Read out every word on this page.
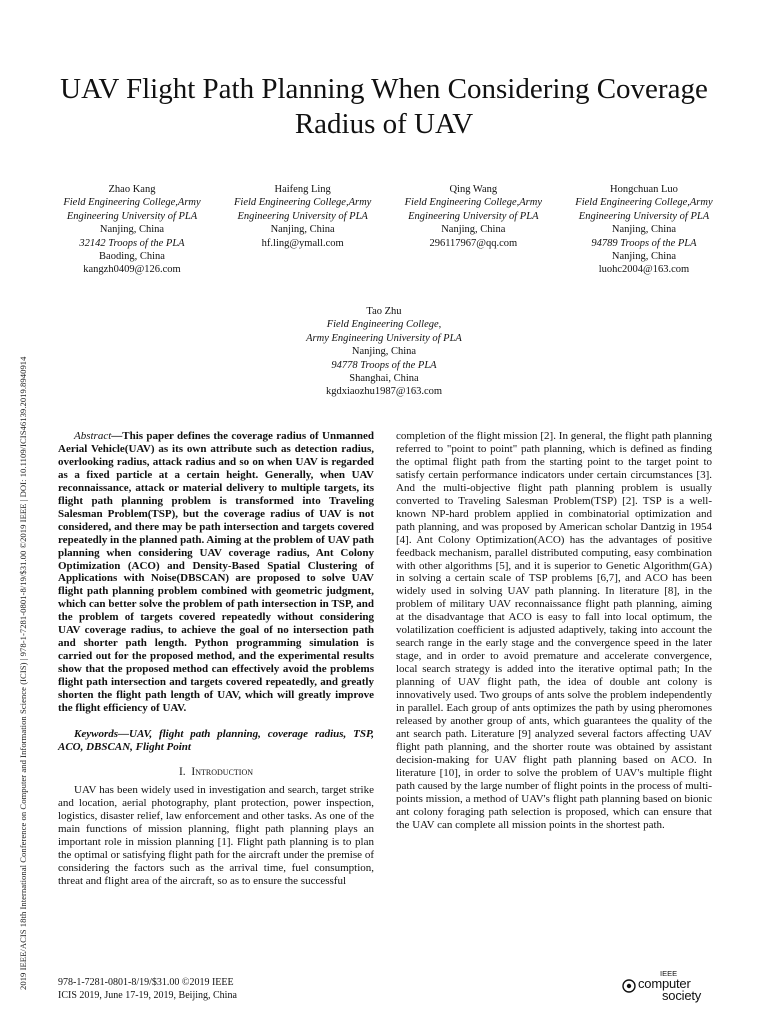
2019 IEEE/ACIS 18th International Conference on Computer and Information Science (ICIS) | 978-1-7281-0801-8/19/$31.00 ©2019 IEEE | DOI: 10.1109/ICIS46139.2019.8940914
UAV Flight Path Planning When Considering Coverage Radius of UAV
Zhao Kang
Field Engineering College,Army
Engineering University of PLA
Nanjing, China
32142 Troops of the PLA
Baoding, China
kangzh0409@126.com
Haifeng Ling
Field Engineering College,Army
Engineering University of PLA
Nanjing, China
hf.ling@ymall.com
Qing Wang
Field Engineering College,Army
Engineering University of PLA
Nanjing, China
296117967@qq.com
Hongchuan Luo
Field Engineering College,Army
Engineering University of PLA
Nanjing, China
94789 Troops of the PLA
Nanjing, China
luohc2004@163.com
Tao Zhu
Field Engineering College,
Army Engineering University of PLA
Nanjing, China
94778 Troops of the PLA
Shanghai, China
kgdxiaozhu1987@163.com

Abstract—This paper defines the coverage radius of Unmanned Aerial Vehicle(UAV) as its own attribute such as detection radius, overlooking radius, attack radius and so on when UAV is regarded as a fixed particle at a certain height. Generally, when UAV reconnaissance, attack or material delivery to multiple targets, its flight path planning problem is transformed into Traveling Salesman Problem(TSP), but the coverage radius of UAV is not considered, and there may be path intersection and targets covered repeatedly in the planned path. Aiming at the problem of UAV path planning when considering UAV coverage radius, Ant Colony Optimization (ACO) and Density-Based Spatial Clustering of Applications with Noise(DBSCAN) are proposed to solve UAV flight path planning problem combined with geometric judgment, which can better solve the problem of path intersection in TSP, and the problem of targets covered repeatedly without considering UAV coverage radius, to achieve the goal of no intersection path and shorter path length. Python programming simulation is carried out for the proposed method, and the experimental results show that the proposed method can effectively avoid the problems flight path intersection and targets covered repeatedly, and greatly shorten the flight path length of UAV, which will greatly improve the flight efficiency of UAV.

Keywords—UAV, flight path planning, coverage radius, TSP, ACO, DBSCAN, Flight Point

I. Introduction

UAV has been widely used in investigation and search, target strike and location, aerial photography, plant protection, power inspection, logistics, disaster relief, law enforcement and other tasks. As one of the main functions of mission planning, flight path planning plays an important role in mission planning [1]. Flight path planning is to plan the optimal or satisfying flight path for the aircraft under the premise of considering the factors such as the arrival time, fuel consumption, threat and flight area of the aircraft, so as to ensure the successful

completion of the flight mission [2]. In general, the flight path planning referred to "point to point" path planning, which is defined as finding the optimal flight path from the starting point to the target point to satisfy certain performance indicators under certain circumstances [3]. And the multi-objective flight path planning problem is usually converted to Traveling Salesman Problem(TSP) [2]. TSP is a well-known NP-hard problem applied in combinatorial optimization and path planning, and was proposed by American scholar Dantzig in 1954 [4]. Ant Colony Optimization(ACO) has the advantages of positive feedback mechanism, parallel distributed computing, easy combination with other algorithms [5], and it is superior to Genetic Algorithm(GA) in solving a certain scale of TSP problems [6,7], and ACO has been widely used in solving UAV path planning. In literature [8], in the problem of military UAV reconnaissance flight path planning, aiming at the disadvantage that ACO is easy to fall into local optimum, the volatilization coefficient is adjusted adaptively, taking into account the search range in the early stage and the convergence speed in the later stage, and in order to avoid premature and accelerate convergence, local search strategy is added into the iterative optimal path; In the planning of UAV flight path, the idea of double ant colony is innovatively used. Two groups of ants solve the problem independently in parallel. Each group of ants optimizes the path by using pheromones released by another group of ants, which guarantees the quality of the ant search path. Literature [9] analyzed several factors affecting UAV flight path planning, and the shorter route was obtained by assistant decision-making for UAV flight path planning based on ACO. In literature [10], in order to solve the problem of UAV's multiple flight path caused by the large number of flight points in the process of multi-points mission, a method of UAV's flight path planning based on bionic ant colony foraging path selection is proposed, which can ensure that the UAV can complete all mission points in the shortest path.

978-1-7281-0801-8/19/$31.00 ©2019 IEEE
ICIS 2019, June 17-19, 2019, Beijing, China
IEEE
computer
society
